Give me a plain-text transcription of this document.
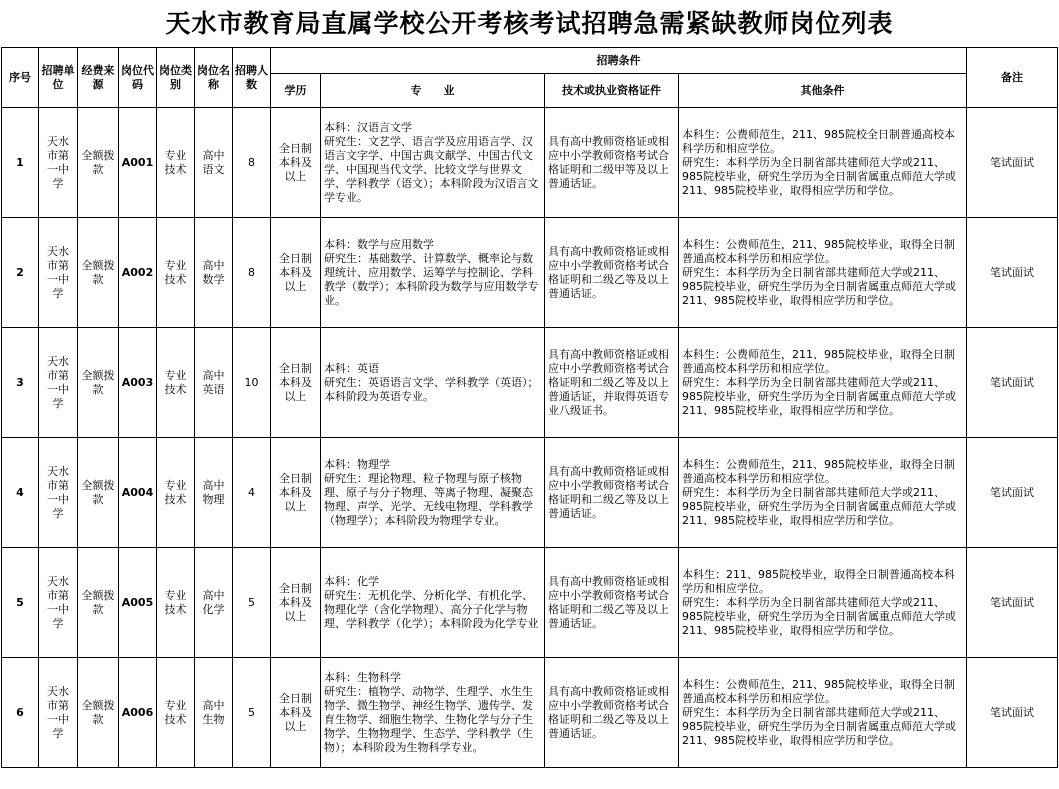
天水市教育局直属学校公开考核考试招聘急需紧缺教师岗位列表
序号	招聘单位	经费来源	岗位代码	岗位类别	岗位名称	招聘人数	招聘条件				备注
							学历	专　　业	技术或执业资格证件	其他条件	
1	天水市第一中学	全额拨款	A001	专业技术	高中语文	8	全日制本科及以上	本科：汉语言文学
研究生：文艺学、语言学及应用语言学、汉语言文字学、中国古典文献学、中国古代文学、中国现当代文学、比较文学与世界文学、学科教学（语文）；本科阶段为汉语言文学专业。	具有高中教师资格证或相应中小学教师资格考试合格证明和二级甲等及以上普通话证。	本科生：公费师范生，211、985院校全日制普通高校本科学历和相应学位。
研究生：本科学历为全日制省部共建师范大学或211、985院校毕业，研究生学历为全日制省属重点师范大学或211、985院校毕业，取得相应学历和学位。	笔试面试
2	天水市第一中学	全额拨款	A002	专业技术	高中数学	8	全日制本科及以上	本科：数学与应用数学
研究生：基础数学、计算数学、概率论与数理统计、应用数学、运筹学与控制论、学科教学（数学）；本科阶段为数学与应用数学专业。	具有高中教师资格证或相应中小学教师资格考试合格证明和二级乙等及以上普通话证。	本科生：公费师范生，211、985院校毕业，取得全日制普通高校本科学历和相应学位。
研究生：本科学历为全日制省部共建师范大学或211、985院校毕业，研究生学历为全日制省属重点师范大学或211、985院校毕业，取得相应学历和学位。	笔试面试
3	天水市第一中学	全额拨款	A003	专业技术	高中英语	10	全日制本科及以上	本科：英语
研究生：英语语言文学、学科教学（英语）；本科阶段为英语专业。	具有高中教师资格证或相应中小学教师资格考试合格证明和二级乙等及以上普通话证，并取得英语专业八级证书。	本科生：公费师范生，211、985院校毕业，取得全日制普通高校本科学历和相应学位。
研究生：本科学历为全日制省部共建师范大学或211、985院校毕业，研究生学历为全日制省属重点师范大学或211、985院校毕业，取得相应学历和学位。	笔试面试
4	天水市第一中学	全额拨款	A004	专业技术	高中物理	4	全日制本科及以上	本科：物理学
研究生：理论物理、粒子物理与原子核物理、原子与分子物理、等离子物理、凝聚态物理、声学、光学、无线电物理、学科教学（物理学）；本科阶段为物理学专业。	具有高中教师资格证或相应中小学教师资格考试合格证明和二级乙等及以上普通话证。	本科生：公费师范生，211、985院校毕业，取得全日制普通高校本科学历和相应学位。
研究生：本科学历为全日制省部共建师范大学或211、985院校毕业，研究生学历为全日制省属重点师范大学或211、985院校毕业，取得相应学历和学位。	笔试面试
5	天水市第一中学	全额拨款	A005	专业技术	高中化学	5	全日制本科及以上	本科：化学
研究生：无机化学、分析化学、有机化学、物理化学（含化学物理）、高分子化学与物理、学科教学（化学）；本科阶段为化学专业	具有高中教师资格证或相应中小学教师资格考试合格证明和二级乙等及以上普通话证。	本科生：211、985院校毕业，取得全日制普通高校本科学历和相应学位。
研究生：本科学历为全日制省部共建师范大学或211、985院校毕业，研究生学历为全日制省属重点师范大学或211、985院校毕业，取得相应学历和学位。	笔试面试
6	天水市第一中学	全额拨款	A006	专业技术	高中生物	5	全日制本科及以上	本科：生物科学
研究生：植物学、动物学、生理学、水生生物学、微生物学、神经生物学、遗传学、发育生物学、细胞生物学、生物化学与分子生物学、生物物理学、生态学、学科教学（生物）；本科阶段为生物科学专业。	具有高中教师资格证或相应中小学教师资格考试合格证明和二级乙等及以上普通话证。	本科生：公费师范生，211、985院校毕业，取得全日制普通高校本科学历和相应学位。
研究生：本科学历为全日制省部共建师范大学或211、985院校毕业，研究生学历为全日制省属重点师范大学或211、985院校毕业，取得相应学历和学位。	笔试面试
